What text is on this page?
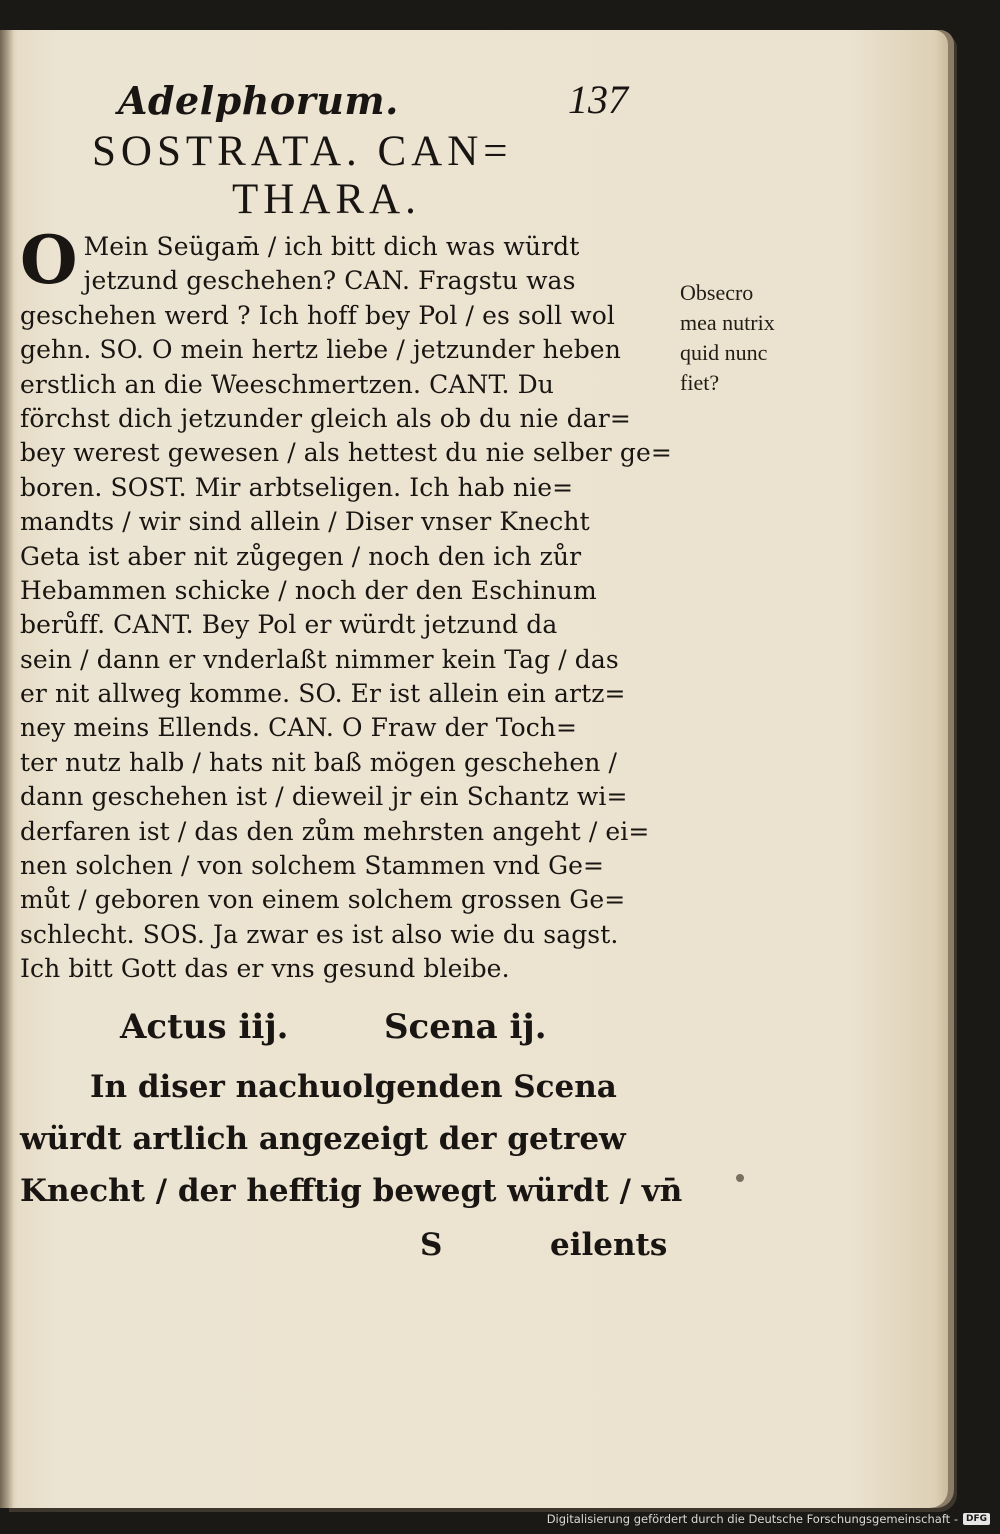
Adelphorum.	137
SOSTRATA. CAN=
THARA.
O Mein Seügam̄ / ich bitt dich was würdt
jetzund geschehen? CAN. Fragstu was
geschehen werd ? Ich hoff bey Pol / es soll wol
gehn. SO. O mein hertz liebe / jetzunder heben
erstlich an die Weeschmertzen. CANT. Du
förchst dich jetzunder gleich als ob du nie dar=
bey werest gewesen / als hettest du nie selber ge=
boren. SOST. Mir arbtseligen. Ich hab nie=
mandts / wir sind allein / Diser vnser Knecht
Geta ist aber nit zůgegen / noch den ich zůr
Hebammen schicke / noch der den Eschinum
berůff. CANT. Bey Pol er würdt jetzund da
sein / dann er vnderlaßt nimmer kein Tag / das
er nit allweg komme. SO. Er ist allein ein artz=
ney meins Ellends. CAN. O Fraw der Toch=
ter nutz halb / hats nit baß mögen geschehen /
dann geschehen ist / dieweil jr ein Schantz wi=
derfaren ist / das den zům mehrsten angeht / ei=
nen solchen / von solchem Stammen vnd Ge=
můt / geboren von einem solchem grossen Ge=
schlecht. SOS. Ja zwar es ist also wie du sagst.
Ich bitt Gott das er vns gesund bleibe.
Actus iij.	Scena ij.
In diser nachuolgenden Scena
würdt artlich angezeigt der getrew
Knecht / der hefftig bewegt würdt / vn̄
S	eilents
Obsecro
mea nutrix
quid nunc
fiet?
Digitalisierung gefördert durch die Deutsche Forschungsgemeinschaft - DFG
